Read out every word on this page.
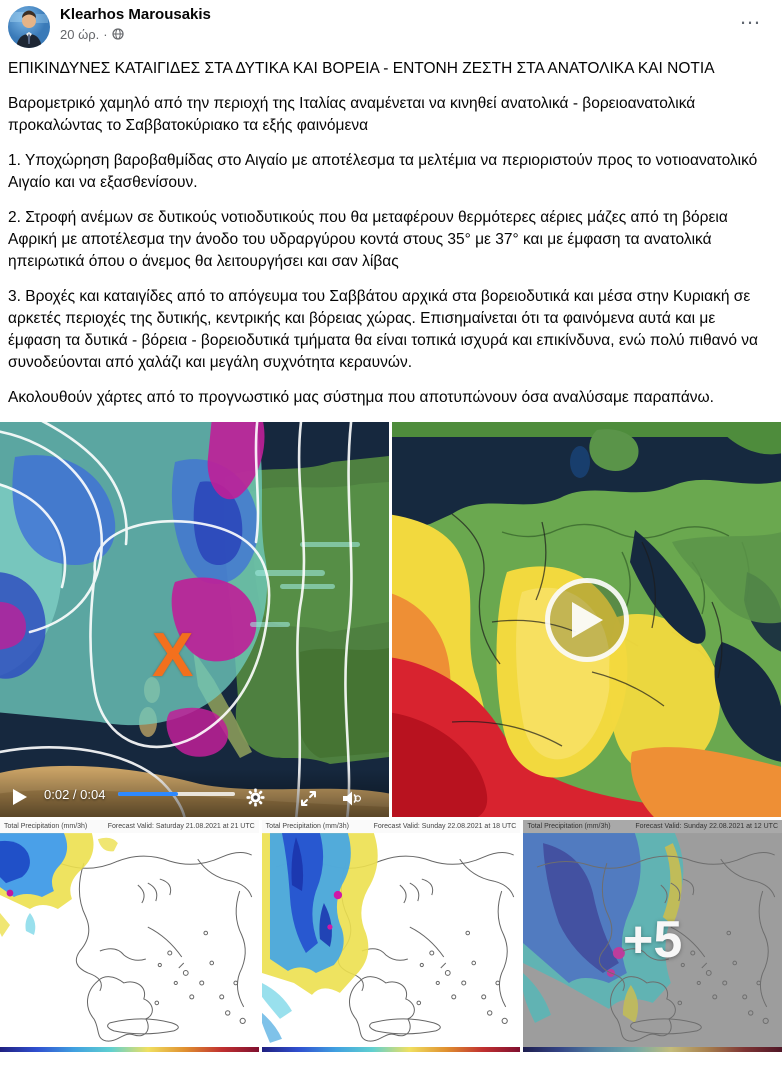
Klearhos Marousakis
20 ώρ. ·
…

ΕΠΙΚΙΝΔΥΝΕΣ ΚΑΤΑΙΓΙΔΕΣ ΣΤΑ ΔΥΤΙΚΑ ΚΑΙ ΒΟΡΕΙΑ - ΕΝΤΟΝΗ ΖΕΣΤΗ ΣΤΑ ΑΝΑΤΟΛΙΚΑ ΚΑΙ ΝΟΤΙΑ

Βαρομετρικό χαμηλό από την περιοχή της Ιταλίας αναμένεται να κινηθεί ανατολικά - βορειοανατολικά προκαλώντας το Σαββατοκύριακο τα εξής φαινόμενα

1. Υποχώρηση βαροβαθμίδας στο Αιγαίο με αποτέλεσμα τα μελτέμια να περιοριστούν προς το νοτιοανατολικό Αιγαίο και να εξασθενίσουν.

2. Στροφή ανέμων σε δυτικούς νοτιοδυτικούς που θα μεταφέρουν θερμότερες αέριες μάζες από τη βόρεια Αφρική με αποτέλεσμα την άνοδο του υδραργύρου κοντά στους 35° με 37° και με έμφαση τα ανατολικά ηπειρωτικά όπου ο άνεμος θα λειτουργήσει και σαν λίβας

3. Βροχές και καταιγίδες από το απόγευμα του Σαββάτου αρχικά στα βορειοδυτικά και μέσα στην Κυριακή σε αρκετές περιοχές της δυτικής, κεντρικής και βόρειας χώρας. Επισημαίνεται ότι τα φαινόμενα αυτά και με έμφαση τα δυτικά - βόρεια - βορειοδυτικά τμήματα θα είναι τοπικά ισχυρά και επικίνδυνα, ενώ πολύ πιθανό να συνοδεύονται από χαλάζι και μεγάλη συχνότητα κεραυνών.

Ακολουθούν χάρτες από το προγνωστικό μας σύστημα που αποτυπώνουν όσα αναλύσαμε παραπάνω.

X
0:02 / 0:04
Total Precipitation (mm/3h)	Forecast Valid: Saturday 21.08.2021 at 21 UTC Total Precipitation (mm/3h)	Forecast Valid: Sunday 22.08.2021 at 18 UTC Total Precipitation (mm/3h)	Forecast Valid: Sunday 22.08.2021 at 12 UTC
+5
